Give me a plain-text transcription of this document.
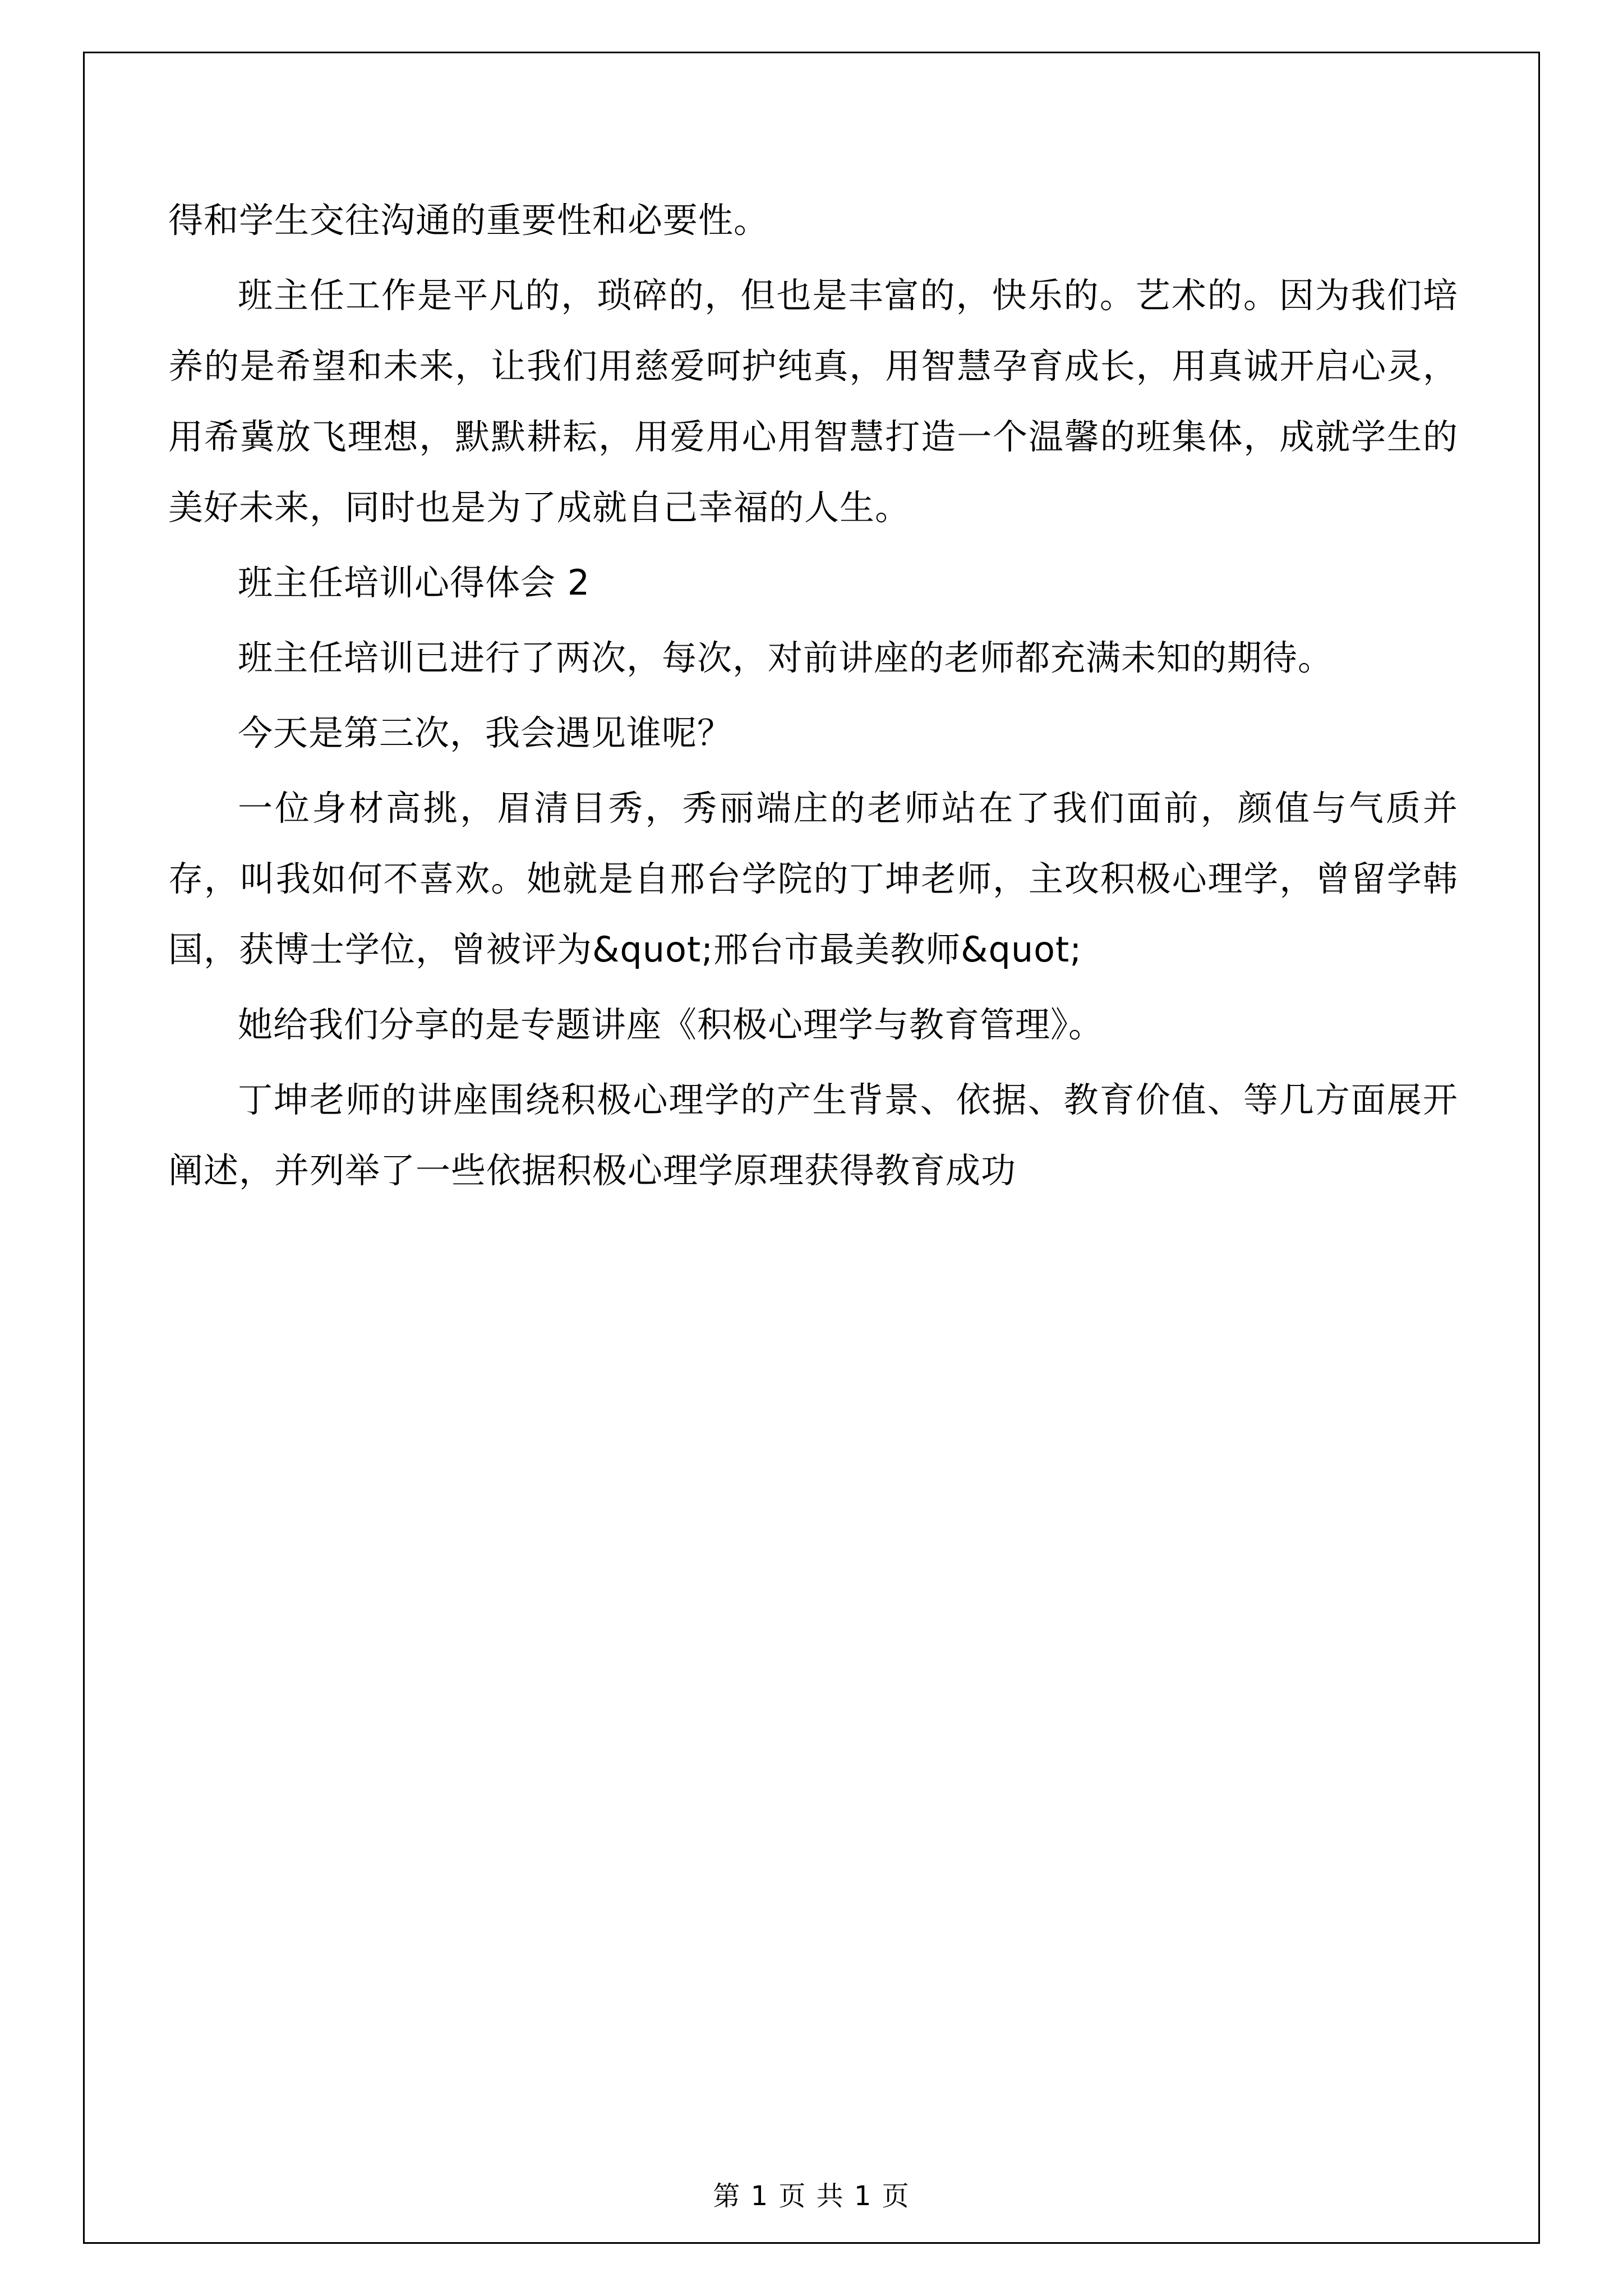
得和学生交往沟通的重要性和必要性。

班主任工作是平凡的，琐碎的，但也是丰富的，快乐的。艺术的。因为我们培养的是希望和未来，让我们用慈爱呵护纯真，用智慧孕育成长，用真诚开启心灵，用希冀放飞理想，默默耕耘，用爱用心用智慧打造一个温馨的班集体，成就学生的美好未来，同时也是为了成就自己幸福的人生。

班主任培训心得体会 2

班主任培训已进行了两次，每次，对前讲座的老师都充满未知的期待。

今天是第三次，我会遇见谁呢？

一位身材高挑，眉清目秀，秀丽端庄的老师站在了我们面前，颜值与气质并存，叫我如何不喜欢。她就是自邢台学院的丁坤老师，主攻积极心理学，曾留学韩国，获博士学位，曾被评为&quot;邢台市最美教师&quot;

她给我们分享的是专题讲座《积极心理学与教育管理》。

丁坤老师的讲座围绕积极心理学的产生背景、依据、教育价值、等几方面展开阐述，并列举了一些依据积极心理学原理获得教育成功

第 1 页 共 1 页
